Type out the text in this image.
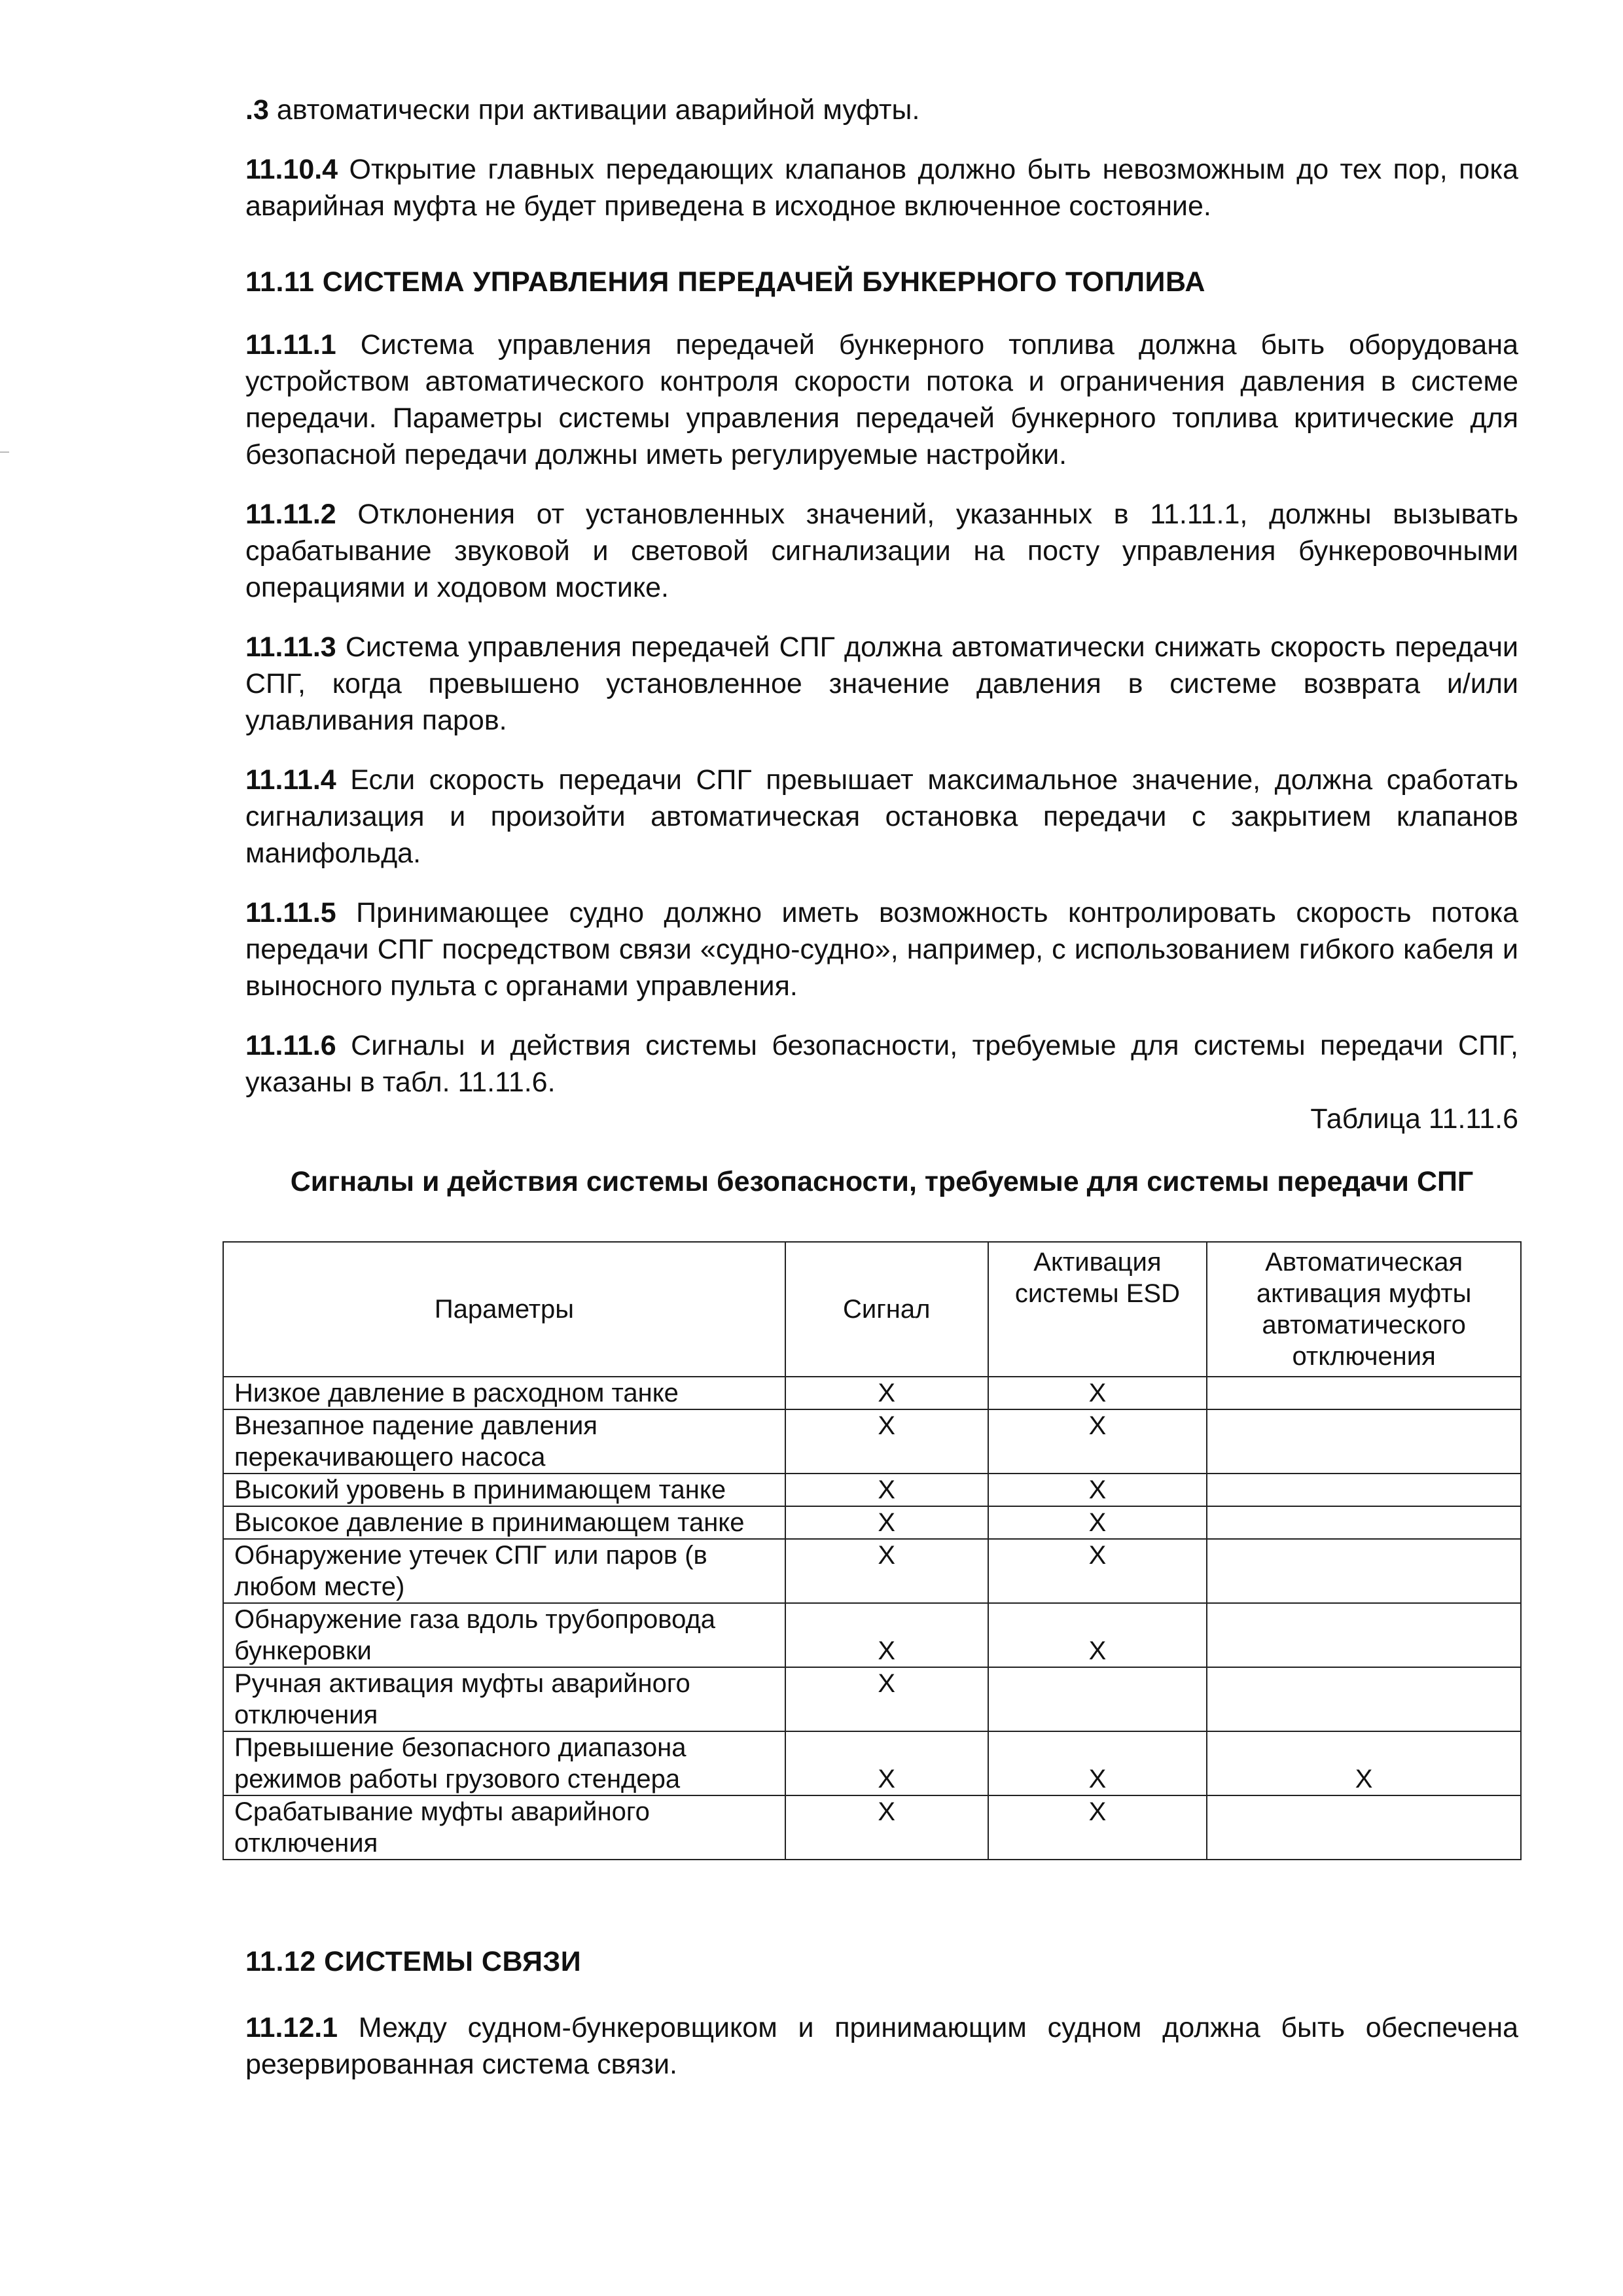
.3 автоматически при активации аварийной муфты.

11.10.4 Открытие главных передающих клапанов должно быть невозможным до тех пор, пока аварийная муфта не будет приведена в исходное включенное состояние.

11.11 СИСТЕМА УПРАВЛЕНИЯ ПЕРЕДАЧЕЙ БУНКЕРНОГО ТОПЛИВА

11.11.1 Система управления передачей бункерного топлива должна быть оборудована устройством автоматического контроля скорости потока и ограничения давления в системе передачи. Параметры системы управления передачей бункерного топлива критические для безопасной передачи должны иметь регулируемые настройки.

11.11.2 Отклонения от установленных значений, указанных в 11.11.1, должны вызывать срабатывание звуковой и световой сигнализации на посту управления бункеровочными операциями и ходовом мостике.

11.11.3 Система управления передачей СПГ должна автоматически снижать скорость передачи СПГ, когда превышено установленное значение давления в системе возврата и/или улавливания паров.

11.11.4 Если скорость передачи СПГ превышает максимальное значение, должна сработать сигнализация и произойти автоматическая остановка передачи с закрытием клапанов манифольда.

11.11.5 Принимающее судно должно иметь возможность контролировать скорость потока передачи СПГ посредством связи «судно-судно», например, с использованием гибкого кабеля и выносного пульта с органами управления.

11.11.6 Сигналы и действия системы безопасности, требуемые для системы передачи СПГ, указаны в табл. 11.11.6.

Таблица 11.11.6

Сигналы и действия системы безопасности, требуемые для системы передачи СПГ

Параметры	Сигнал	Активация системы ESD	Автоматическая активация муфты автоматического отключения
Низкое давление в расходном танке	X	X	
Внезапное падение давления перекачивающего насоса	X	X	
Высокий уровень в принимающем танке	X	X	
Высокое давление в принимающем танке	X	X	
Обнаружение утечек СПГ или паров (в любом месте)	X	X	
Обнаружение газа вдоль трубопровода бункеровки	X	X	
Ручная активация муфты аварийного отключения	X		
Превышение безопасного диапазона режимов работы грузового стендера	X	X	X
Срабатывание муфты аварийного отключения	X	X	
11.12 СИСТЕМЫ СВЯЗИ

11.12.1 Между судном-бункеровщиком и принимающим судном должна быть обеспечена резервированная система связи.
